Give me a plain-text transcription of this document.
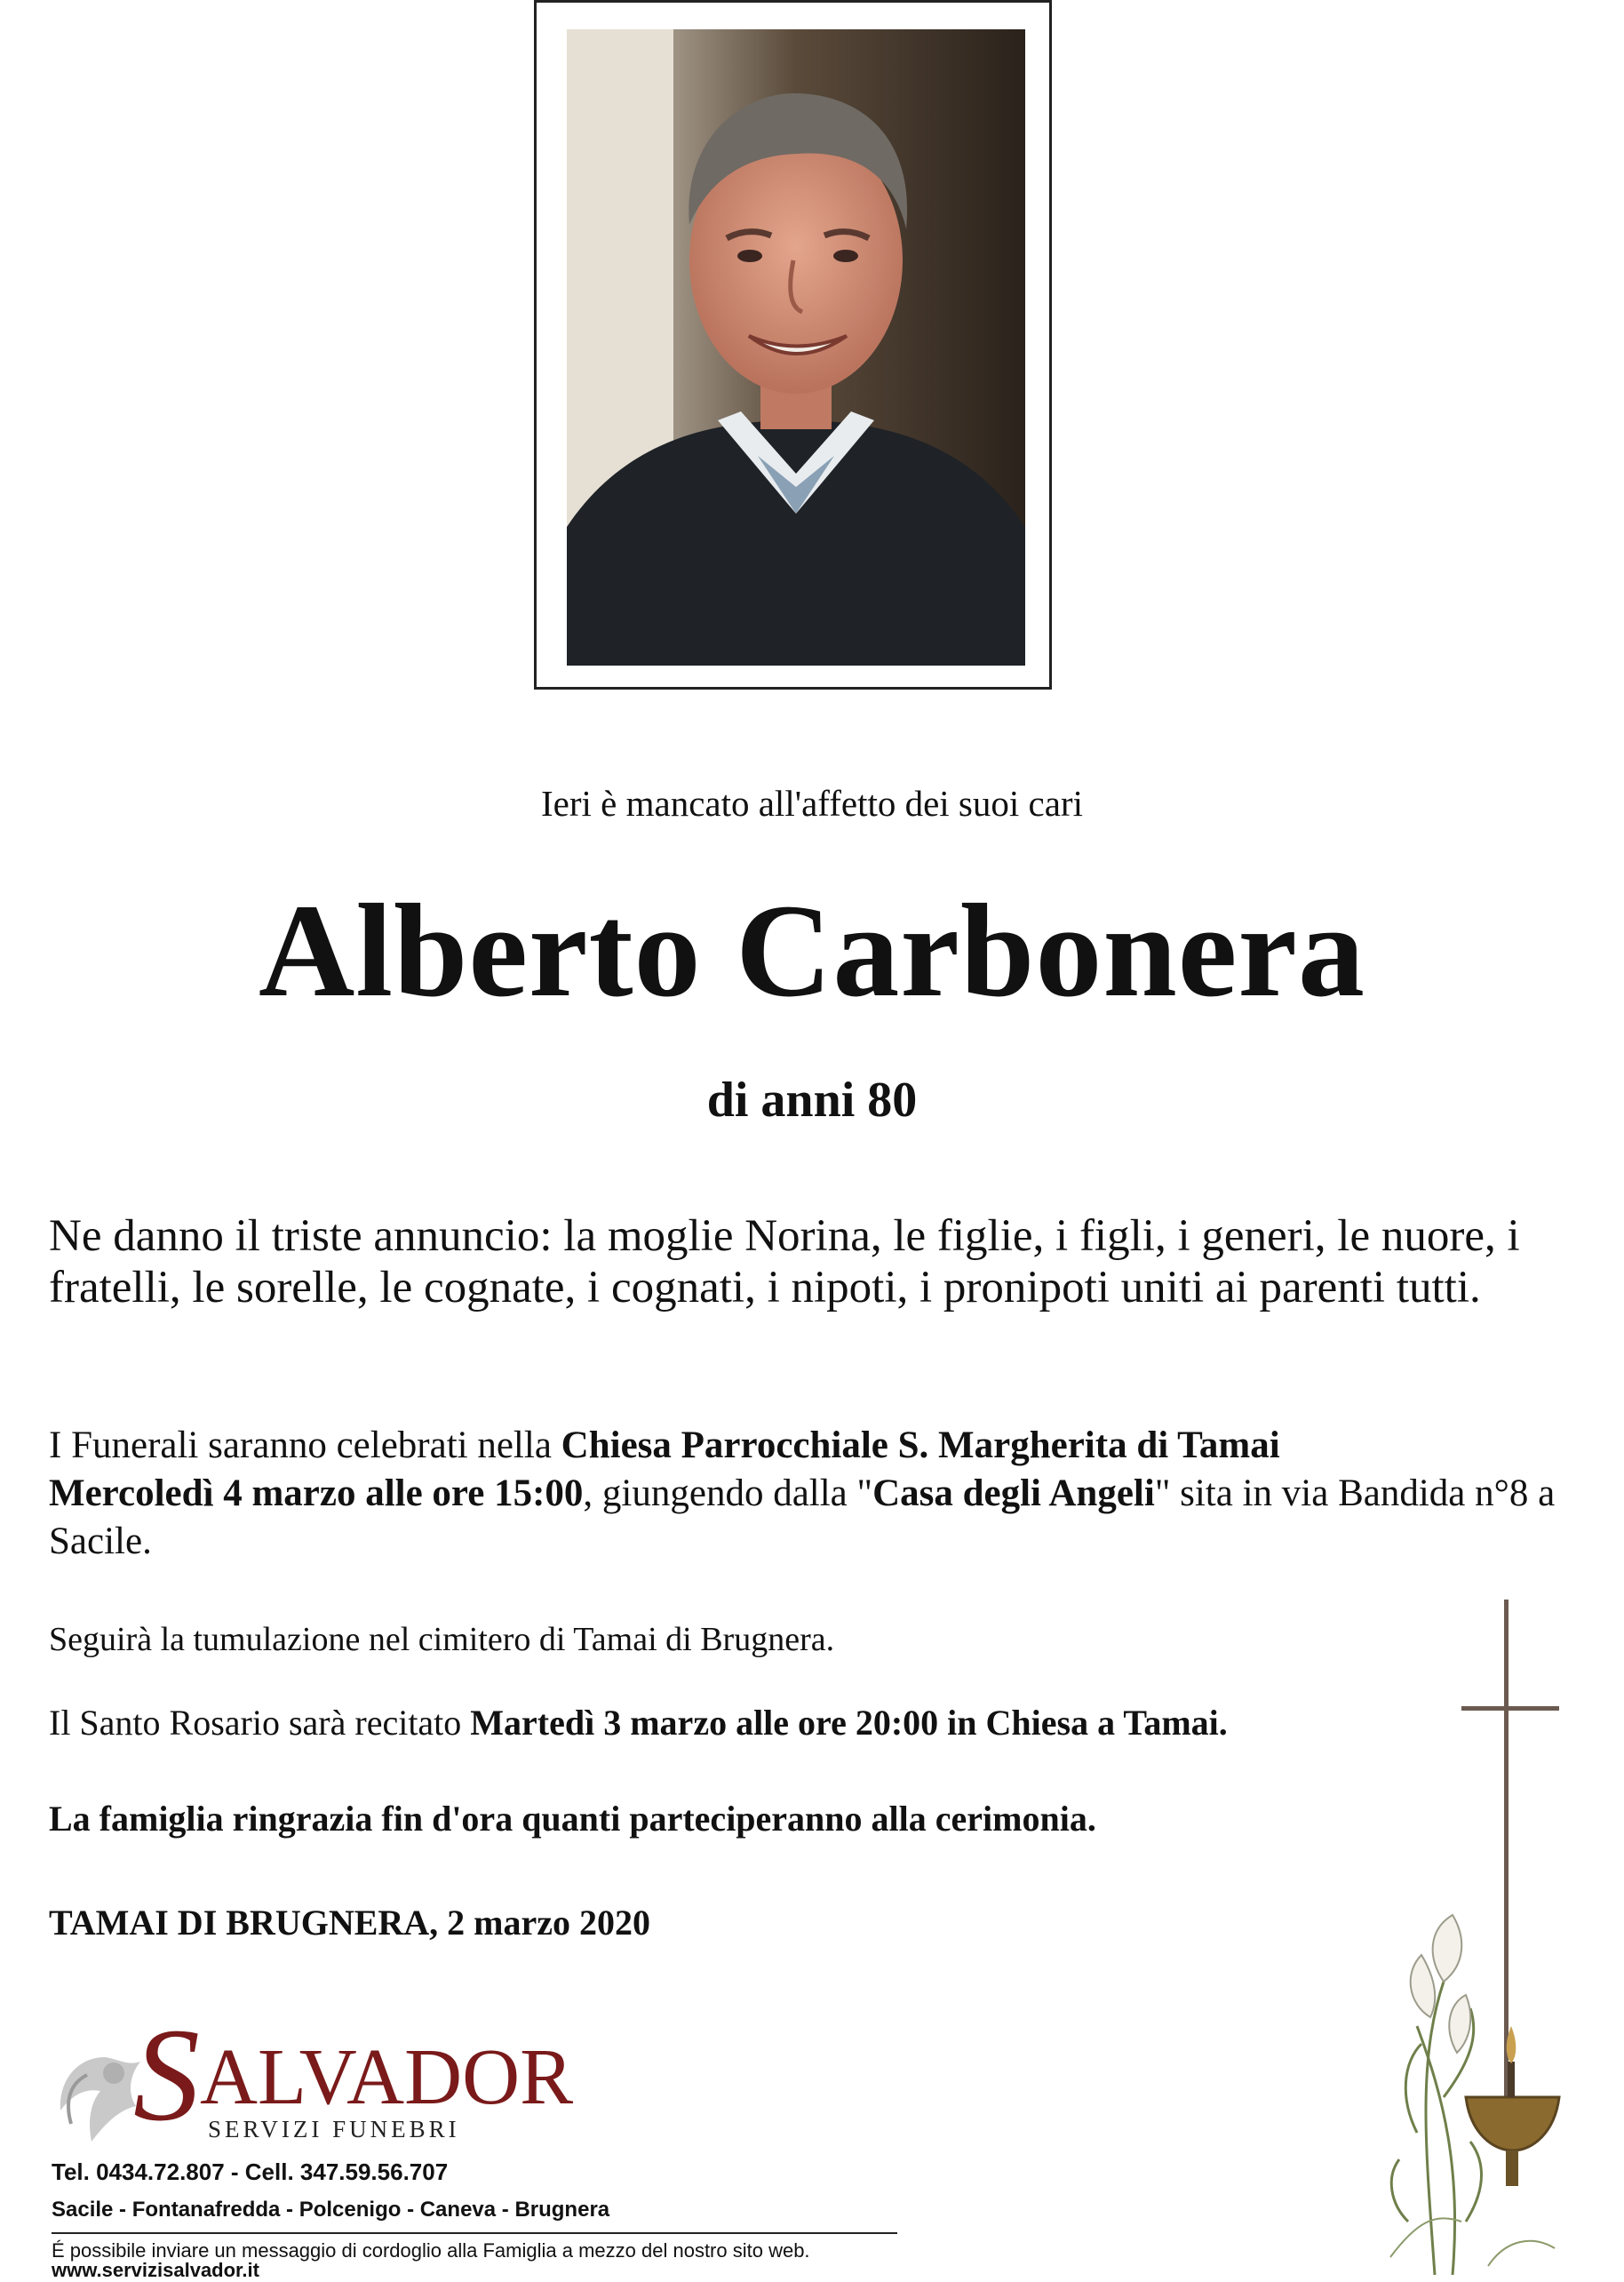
Ieri è mancato all'affetto dei suoi cari
Alberto Carbonera
di anni 80
Ne danno il triste annuncio: la moglie Norina, le figlie, i figli, i generi, le nuore, i fratelli, le sorelle, le cognate, i cognati, i nipoti, i pronipoti uniti ai parenti tutti.
I Funerali saranno celebrati nella Chiesa Parrocchiale S. Margherita di Tamai
Mercoledì 4 marzo alle ore 15:00, giungendo dalla "Casa degli Angeli" sita in via Bandida n°8 a Sacile.
Seguirà la tumulazione nel cimitero di Tamai di Brugnera.
Il Santo Rosario sarà recitato Martedì 3 marzo alle ore 20:00 in Chiesa a Tamai.
La famiglia ringrazia fin d'ora quanti parteciperanno alla cerimonia.
TAMAI DI BRUGNERA, 2 marzo 2020
SALVADOR
SERVIZI FUNEBRI
Tel. 0434.72.807 - Cell. 347.59.56.707
Sacile - Fontanafredda - Polcenigo - Caneva - Brugnera
É possibile inviare un messaggio di cordoglio alla Famiglia a mezzo del nostro sito web.
www.servizisalvador.it
